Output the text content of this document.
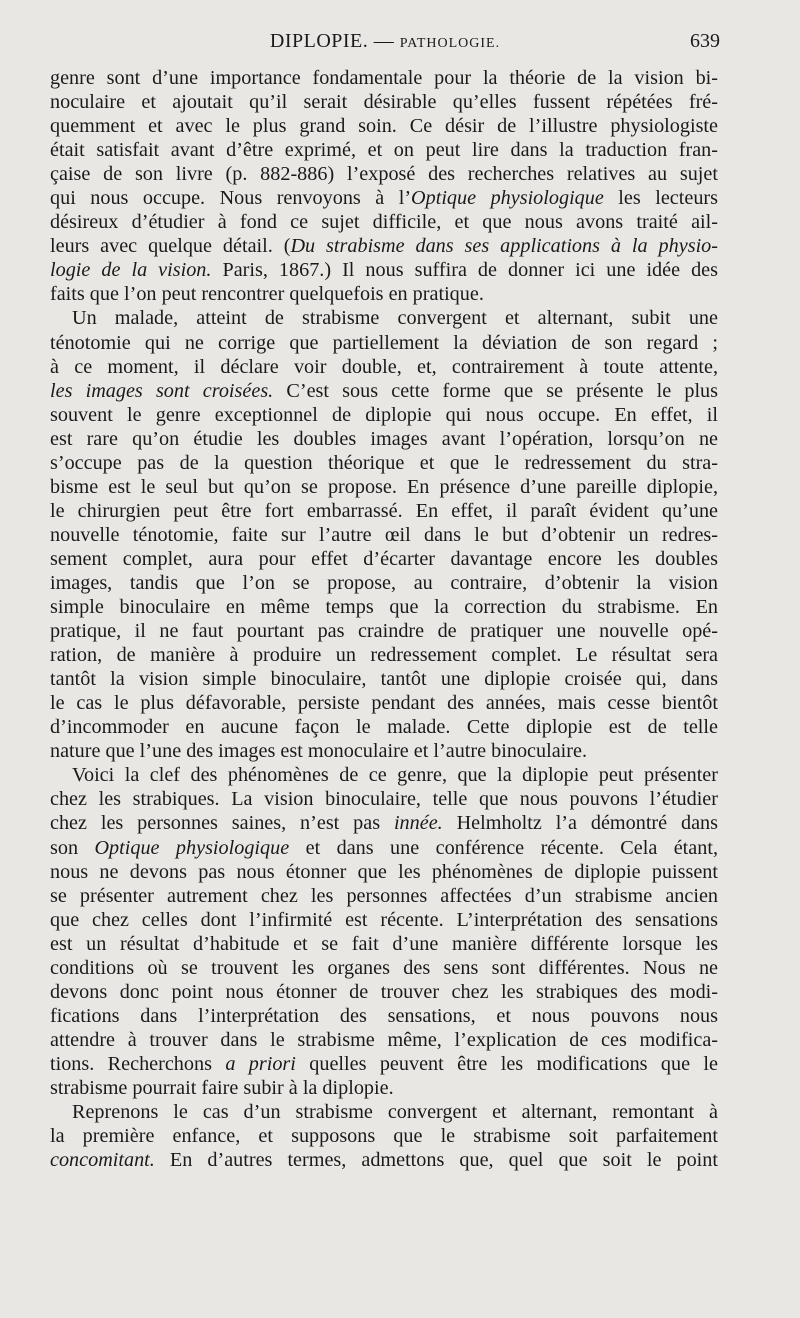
DIPLOPIE. — PATHOLOGIE.	639
genre sont d’une importance fondamentale pour la théorie de la vision bi-
noculaire et ajoutait qu’il serait désirable qu’elles fussent répétées fré-
quemment et avec le plus grand soin. Ce désir de l’illustre physiologiste
était satisfait avant d’être exprimé, et on peut lire dans la traduction fran-
çaise de son livre (p. 882-886) l’exposé des recherches relatives au sujet
qui nous occupe. Nous renvoyons à l’Optique physiologique les lecteurs
désireux d’étudier à fond ce sujet difficile, et que nous avons traité ail-
leurs avec quelque détail. (Du strabisme dans ses applications à la physio-
logie de la vision. Paris, 1867.) Il nous suffira de donner ici une idée des
faits que l’on peut rencontrer quelquefois en pratique.
Un malade, atteint de strabisme convergent et alternant, subit une
ténotomie qui ne corrige que partiellement la déviation de son regard ;
à ce moment, il déclare voir double, et, contrairement à toute attente,
les images sont croisées. C’est sous cette forme que se présente le plus
souvent le genre exceptionnel de diplopie qui nous occupe. En effet, il
est rare qu’on étudie les doubles images avant l’opération, lorsqu’on ne
s’occupe pas de la question théorique et que le redressement du stra-
bisme est le seul but qu’on se propose. En présence d’une pareille diplopie,
le chirurgien peut être fort embarrassé. En effet, il paraît évident qu’une
nouvelle ténotomie, faite sur l’autre œil dans le but d’obtenir un redres-
sement complet, aura pour effet d’écarter davantage encore les doubles
images, tandis que l’on se propose, au contraire, d’obtenir la vision
simple binoculaire en même temps que la correction du strabisme. En
pratique, il ne faut pourtant pas craindre de pratiquer une nouvelle opé-
ration, de manière à produire un redressement complet. Le résultat sera
tantôt la vision simple binoculaire, tantôt une diplopie croisée qui, dans
le cas le plus défavorable, persiste pendant des années, mais cesse bientôt
d’incommoder en aucune façon le malade. Cette diplopie est de telle
nature que l’une des images est monoculaire et l’autre binoculaire.
Voici la clef des phénomènes de ce genre, que la diplopie peut présenter
chez les strabiques. La vision binoculaire, telle que nous pouvons l’étudier
chez les personnes saines, n’est pas innée. Helmholtz l’a démontré dans
son Optique physiologique et dans une conférence récente. Cela étant,
nous ne devons pas nous étonner que les phénomènes de diplopie puissent
se présenter autrement chez les personnes affectées d’un strabisme ancien
que chez celles dont l’infirmité est récente. L’interprétation des sensations
est un résultat d’habitude et se fait d’une manière différente lorsque les
conditions où se trouvent les organes des sens sont différentes. Nous ne
devons donc point nous étonner de trouver chez les strabiques des modi-
fications dans l’interprétation des sensations, et nous pouvons nous
attendre à trouver dans le strabisme même, l’explication de ces modifica-
tions. Recherchons a priori quelles peuvent être les modifications que le
strabisme pourrait faire subir à la diplopie.
Reprenons le cas d’un strabisme convergent et alternant, remontant à
la première enfance, et supposons que le strabisme soit parfaitement
concomitant. En d’autres termes, admettons que, quel que soit le point
